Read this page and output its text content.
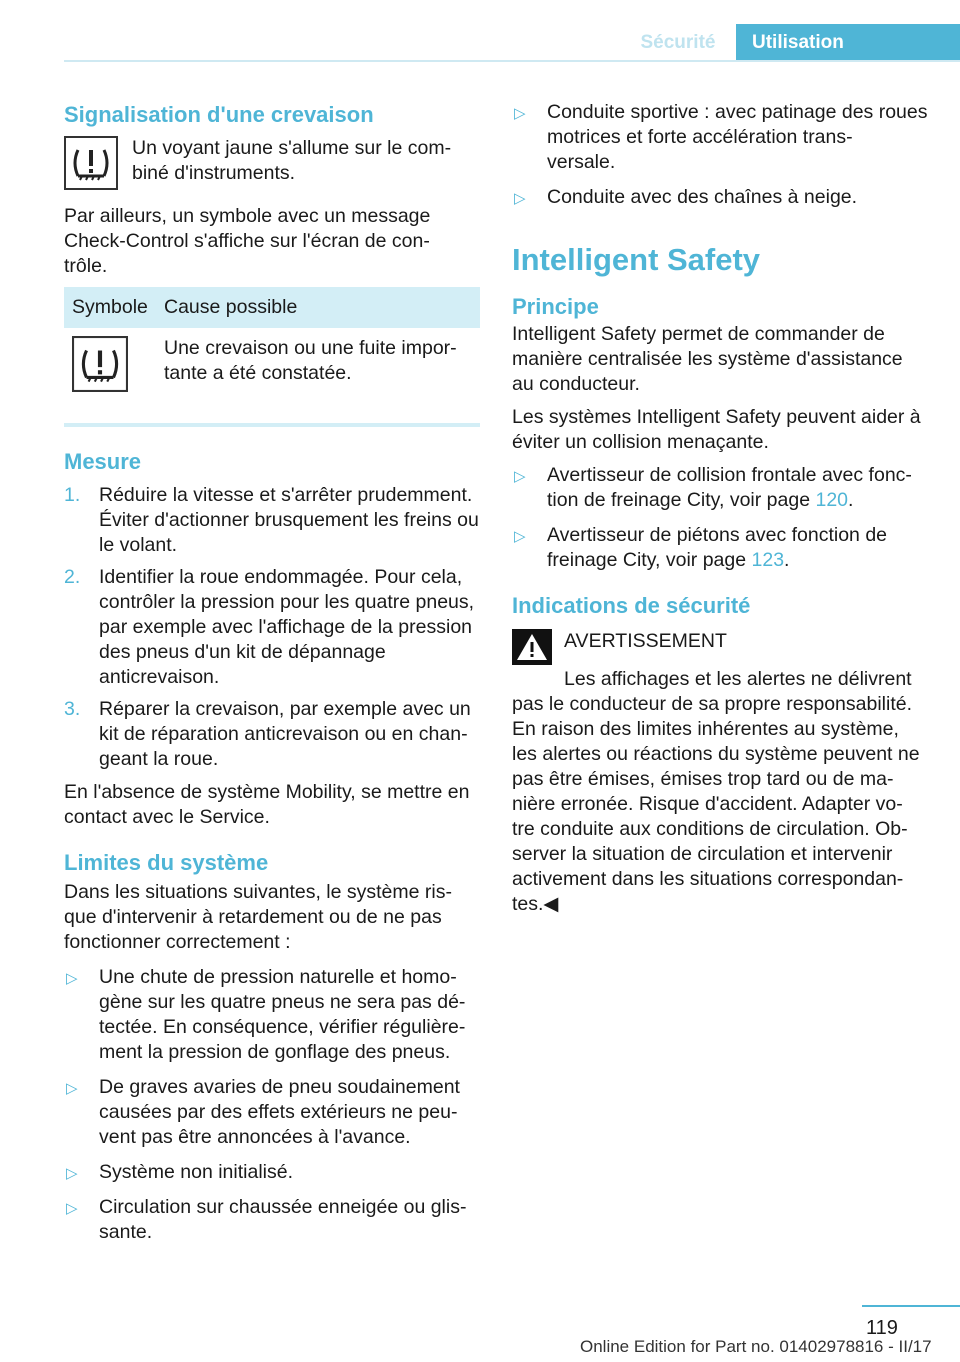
Sécurité	Utilisation
Signalisation d'une crevaison
Un voyant jaune s'allume sur le com-
biné d'instruments.

Par ailleurs, un symbole avec un message Check-Control s'affiche sur l'écran de con-
trôle.

Symbole	Cause possible
	Une crevaison ou une fuite impor-
tante a été constatée.
Mesure
1. Réduire la vitesse et s'arrêter prudemment. Éviter d'actionner brusquement les freins ou le volant.
2. Identifier la roue endommagée. Pour cela, contrôler la pression pour les quatre pneus, par exemple avec l'affichage de la pression des pneus d'un kit de dépannage anticrevaison.
3. Réparer la crevaison, par exemple avec un kit de réparation anticrevaison ou en chan-
geant la roue.

En l'absence de système Mobility, se mettre en contact avec le Service.

Limites du système

Dans les situations suivantes, le système ris-
que d'intervenir à retardement ou de ne pas fonctionner correctement :

▷ Une chute de pression naturelle et homo-
gène sur les quatre pneus ne sera pas dé-
tectée. En conséquence, vérifier régulière-
ment la pression de gonflage des pneus.
▷ De graves avaries de pneu soudainement causées par des effets extérieurs ne peu-
vent pas être annoncées à l'avance.
▷ Système non initialisé.
▷ Circulation sur chaussée enneigée ou glis-
sante.
▷ Conduite sportive : avec patinage des roues motrices et forte accélération trans-
versale.
▷ Conduite avec des chaînes à neige.
Intelligent Safety
Principe

Intelligent Safety permet de commander de manière centralisée les système d'assistance au conducteur.

Les systèmes Intelligent Safety peuvent aider à éviter un collision menaçante.

▷ Avertisseur de collision frontale avec fonc-
tion de freinage City, voir page 120.
▷ Avertisseur de piétons avec fonction de freinage City, voir page 123.
Indications de sécurité
AVERTISSEMENT

Les affichages et les alertes ne délivrent pas le conducteur de sa propre responsabilité. En raison des limites inhérentes au système, les alertes ou réactions du système peuvent ne pas être émises, émises trop tard ou de ma-
nière erronée. Risque d'accident. Adapter vo-
tre conduite aux conditions de circulation. Ob-
server la situation de circulation et intervenir activement dans les situations correspondan-
tes.◀

119
Online Edition for Part no. 01402978816 - II/17
